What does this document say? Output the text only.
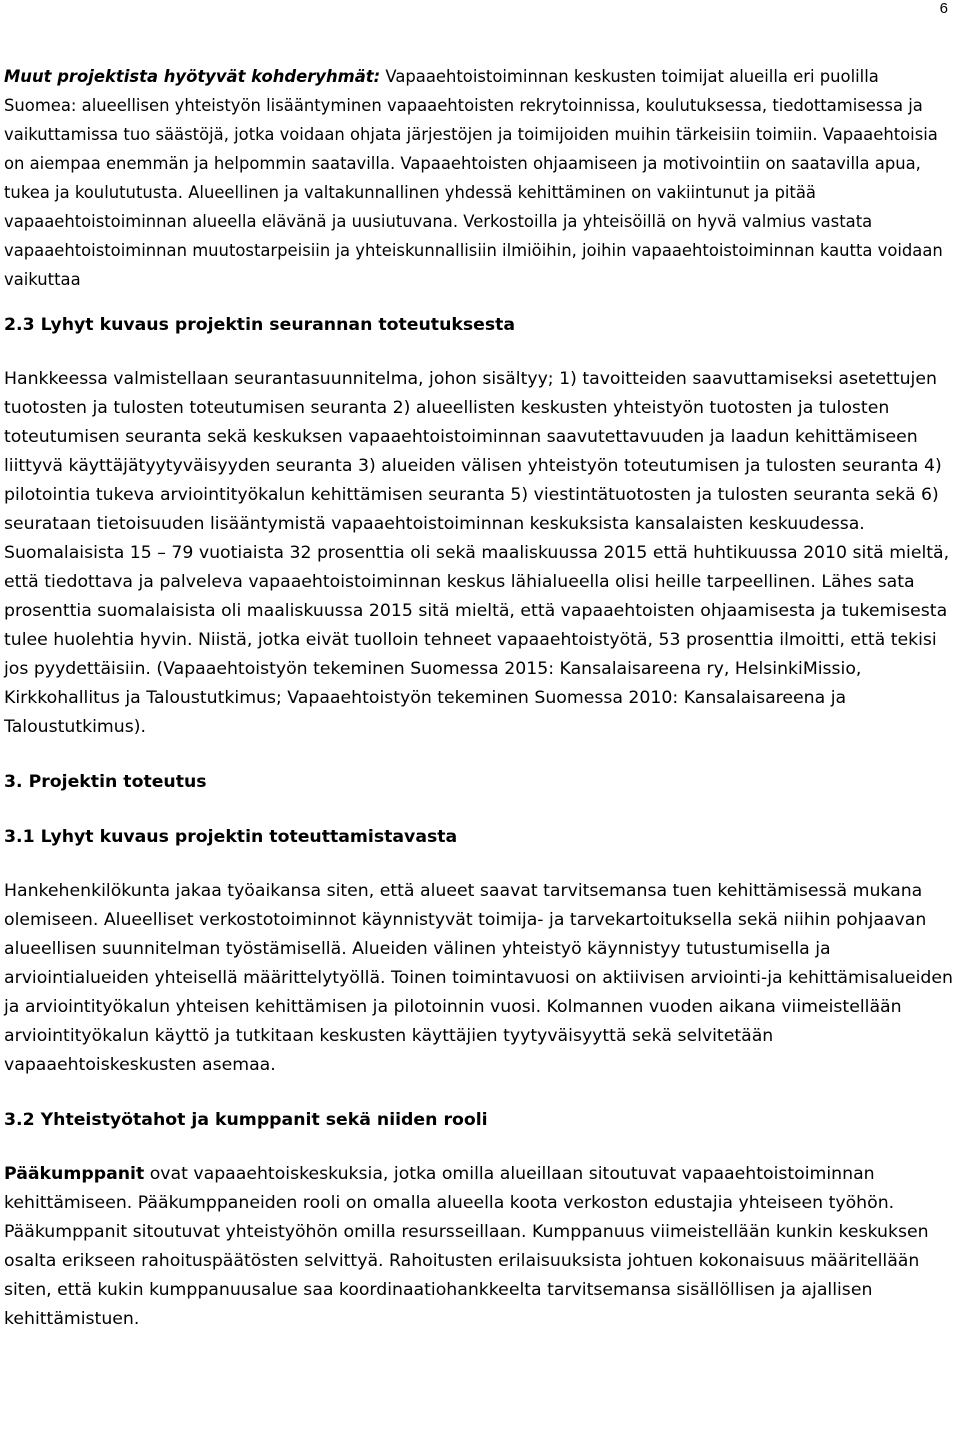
6

Muut projektista hyötyvät kohderyhmät: Vapaaehtoistoiminnan keskusten toimijat alueilla eri puolilla Suomea: alueellisen yhteistyön lisääntyminen vapaaehtoisten rekrytoinnissa, koulutuksessa, tiedottamisessa ja vaikuttamissa tuo säästöjä, jotka voidaan ohjata järjestöjen ja toimijoiden muihin tärkeisiin toimiin. Vapaaehtoisia on aiempaa enemmän ja helpommin saatavilla. Vapaaehtoisten ohjaamiseen ja motivointiin on saatavilla apua, tukea ja koulututusta. Alueellinen ja valtakunnallinen yhdessä kehittäminen on vakiintunut ja pitää vapaaehtoistoiminnan alueella elävänä ja uusiutuvana. Verkostoilla ja yhteisöillä on hyvä valmius vastata vapaaehtoistoiminnan muutostarpeisiin ja yhteiskunnallisiin ilmiöihin, joihin vapaaehtoistoiminnan kautta voidaan vaikuttaa

2.3 Lyhyt kuvaus projektin seurannan toteutuksesta

Hankkeessa valmistellaan seurantasuunnitelma, johon sisältyy; 1) tavoitteiden saavuttamiseksi asetettujen tuotosten ja tulosten toteutumisen seuranta 2) alueellisten keskusten yhteistyön tuotosten ja tulosten toteutumisen seuranta sekä keskuksen vapaaehtoistoiminnan saavutettavuuden ja laadun kehittämiseen liittyvä käyttäjätyytyväisyyden seuranta 3) alueiden välisen yhteistyön toteutumisen ja tulosten seuranta 4) pilotointia tukeva arviointityökalun kehittämisen seuranta 5) viestintätuotosten ja tulosten seuranta sekä 6) seurataan tietoisuuden lisääntymistä vapaaehtoistoiminnan keskuksista kansalaisten keskuudessa. Suomalaisista 15 – 79 vuotiaista 32 prosenttia oli sekä maaliskuussa 2015 että huhtikuussa 2010 sitä mieltä, että tiedottava ja palveleva vapaaehtoistoiminnan keskus lähialueella olisi heille tarpeellinen. Lähes sata prosenttia suomalaisista oli maaliskuussa 2015 sitä mieltä, että vapaaehtoisten ohjaamisesta ja tukemisesta tulee huolehtia hyvin. Niistä, jotka eivät tuolloin tehneet vapaaehtoistyötä, 53 prosenttia ilmoitti, että tekisi jos pyydettäisiin. (Vapaaehtoistyön tekeminen Suomessa 2015: Kansalaisareena ry, HelsinkiMissio, Kirkkohallitus ja Taloustutkimus; Vapaaehtoistyön tekeminen Suomessa 2010: Kansalaisareena ja Taloustutkimus).

3. Projektin toteutus
3.1 Lyhyt kuvaus projektin toteuttamistavasta

Hankehenkilökunta jakaa työaikansa siten, että alueet saavat tarvitsemansa tuen kehittämisessä mukana olemiseen. Alueelliset verkostotoiminnot käynnistyvät toimija- ja tarvekartoituksella sekä niihin pohjaavan alueellisen suunnitelman työstämisellä. Alueiden välinen yhteistyö käynnistyy tutustumisella ja arviointialueiden yhteisellä määrittelytyöllä. Toinen toimintavuosi on aktiivisen arviointi-ja kehittämisalueiden ja arviointityökalun yhteisen kehittämisen ja pilotoinnin vuosi. Kolmannen vuoden aikana viimeistellään arviointityökalun käyttö ja tutkitaan keskusten käyttäjien tyytyväisyyttä sekä selvitetään vapaaehtoiskeskusten asemaa.

3.2 Yhteistyötahot ja kumppanit sekä niiden rooli

Pääkumppanit ovat vapaaehtoiskeskuksia, jotka omilla alueillaan sitoutuvat vapaaehtoistoiminnan kehittämiseen. Pääkumppaneiden rooli on omalla alueella koota verkoston edustajia yhteiseen työhön. Pääkumppanit sitoutuvat yhteistyöhön omilla resursseillaan. Kumppanuus viimeistellään kunkin keskuksen osalta erikseen rahoituspäätösten selvittyä. Rahoitusten erilaisuuksista johtuen kokonaisuus määritellään siten, että kukin kumppanuusalue saa koordinaatiohankkeelta tarvitsemansa sisällöllisen ja ajallisen kehittämistuen.
